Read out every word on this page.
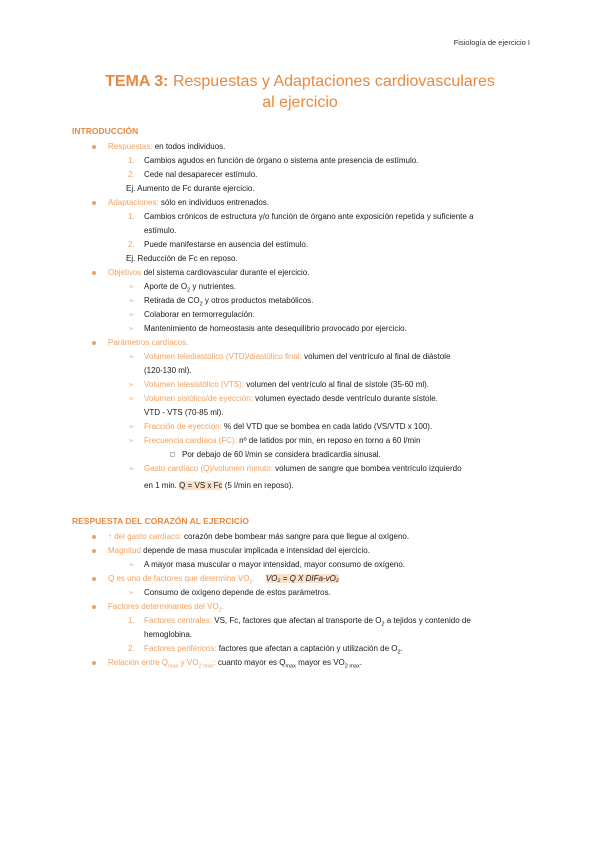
Fisiología de ejercicio I
TEMA 3: Respuestas y Adaptaciones cardiovasculares
al ejercicio
INTRODUCCIÓN
Respuestas: en todos individuos.
1. Cambios agudos en función de órgano o sistema ante presencia de estímulo.
2. Cede nal desaparecer estímulo.
Ej. Aumento de Fc durante ejercicio.
Adaptaciones: sólo en individuos entrenados.
1. Cambios crónicos de estructura y/o función de órgano ante exposición repetida y suficiente a
estímulo.
2. Puede manifestarse en ausencia del estímulo.
Ej. Reducción de Fc en reposo.
Objetivos del sistema cardiovascular durante el ejercicio.
➢ Aporte de $O_2$ y nutrientes.
➢ Retirada de $CO_2$ y otros productos metabólicos.
➢ Colaborar en termorregulación.
➢ Mantenimiento de homeostasis ante desequilibrio provocado por ejercicio.
Parámetros cardíacos.
➢ Volumen telediastólico (VTD)/diastólico final: volumen del ventrículo al final de diástole
(120-130 ml).
➢ Volumen telesistólico (VTS): volumen del ventrículo al final de sístole (35-60 ml).
➢ Volumen sistólico/de eyección: volumen eyectado desde ventrículo durante sístole.
VTD - VTS (70-85 ml).
➢ Fracción de eyección: % del VTD que se bombea en cada latido (VS/VTD x 100).
➢ Frecuencia cardíaca (FC): nº de latidos por min, en reposo en torno a 60 l/min
Por debajo de 60 l/min se considera bradicardia sinusal.
➢ Gasto cardíaco (Q)/volumen minuto: volumen de sangre que bombea ventrículo izquierdo
en 1 min. Q = VS x Fc (5 l/min en reposo).
RESPUESTA DEL CORAZÓN AL EJERCICIO
↑ del gasto cardíaco: corazón debe bombear más sangre para que llegue al oxígeno.
Magnitud depende de masa muscular implicada e intensidad del ejercicio.
➢ A mayor masa muscular o mayor intensidad, mayor consumo de oxígeno.
Q es uno de factores que determina $VO_2$. VO₂ = Q X DIFa-vO₂
➢ Consumo de oxígeno depende de estos parámetros.
Factores determinantes del $VO_2$.
1. Factores centrales: VS, Fc, factores que afectan al transporte de $O_2$ a tejidos y contenido de
hemoglobina.
2. Factores periféricos: factores que afectan a captación y utilización de $O_2$.
Relación entre $Q_{max}$ y $VO_{2 max}$: cuanto mayor es $Q_{max}$ mayor es $VO_{2 max}$.
